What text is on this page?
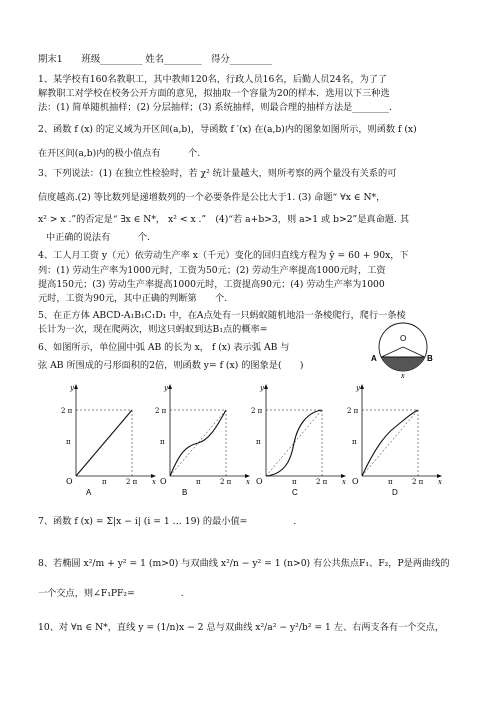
期末1　　班级_________ 姓名________　得分_________
1、某学校有160名教职工，其中教师120名，行政人员16名，后勤人员24名，为了了
解教职工对学校在校务公开方面的意见，拟抽取一个容量为20的样本．选用以下三种选
法：(1) 简单随机抽样；(2) 分层抽样；(3) 系统抽样，则最合理的抽样方法是________.
2、函数 f (x) 的定义域为开区间(a,b)，导函数 f ′(x) 在(a,b)内的图象如图所示，则函数 f (x)
在开区间(a,b)内的极小值点有　　　个.
3、下列说法：(1) 在独立性检验时，若 χ² 统计量越大，则所考察的两个量没有关系的可
信度越高.(2) 等比数列是递增数列的一个必要条件是公比大于1. (3) 命题“ ∀x ∈ N*，
x² > x .”的否定是“ ∃x ∈ N*， x² < x .”　(4)“若 a+b>3，则 a>1 或 b>2”是真命题. 其
中正确的说法有　　　个.
4、工人月工资 y（元）依劳动生产率 x（千元）变化的回归直线方程为 ŷ = 60 + 90x，下
列：(1) 劳动生产率为1000元时，工资为50元；(2) 劳动生产率提高1000元时，工资
提高150元；(3) 劳动生产率提高1000元时，工资提高90元；(4) 劳动生产率为1000
元时，工资为90元，其中正确的判断第　　个.
5、在正方体 ABCD-A₁B₁C₁D₁ 中，在A点处有一只蚂蚁随机地沿一条棱爬行，爬行一条棱
长计为一次，现在爬两次，则这只蚂蚁到达B₁点的概率=　　
6、如图所示，单位圆中弧 AB 的长为 x， f (x) 表示弧 AB 与
弦 AB 所围成的弓形面积的2倍，则函数 y= f (x) 的图象是(　　)
O
A	B
x
y
x
O
2 π
π
π	2 π
A
y
x
O
2 π
π
π	2 π
B
y
x
O
2 π
π
π	2 π
C
y
x
O
2 π
π
π	2 π
D
7、函数 f (x) = Σ|x − i| (i = 1 … 19) 的最小值=　　　　　.
8、若椭圆 x²/m + y² = 1 (m>0) 与双曲线 x²/n − y² = 1 (n>0) 有公共焦点F₁、F₂，P是两曲线的
一个交点，则∠F₁PF₂=　　　　　.
10、对 ∀n ∈ N*，直线 y = (1/n)x − 2 总与双曲线 x²/a² − y²/b² = 1 左、右两支各有一个交点，
